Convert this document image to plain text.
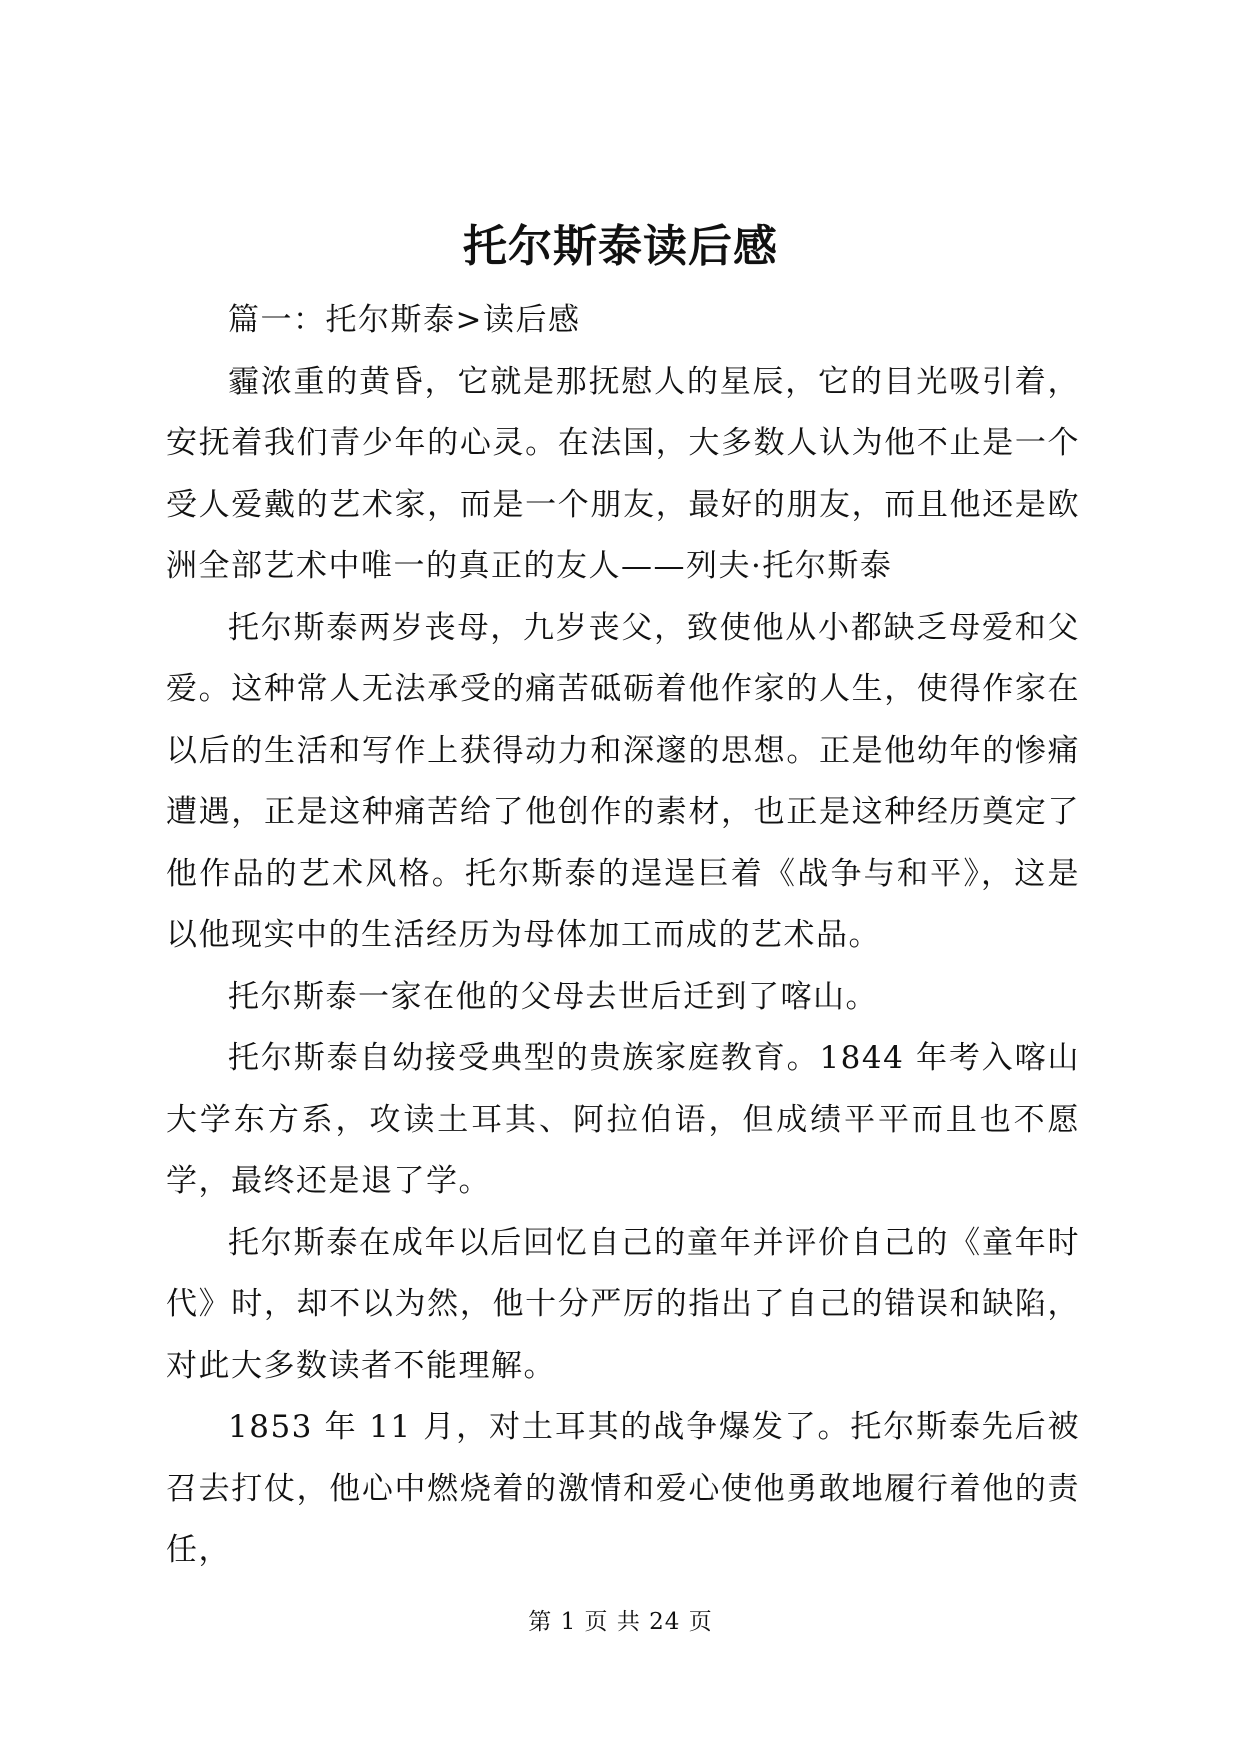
托尔斯泰读后感

篇一：托尔斯泰>读后感

霾浓重的黄昏，它就是那抚慰人的星辰，它的目光吸引着，安抚着我们青少年的心灵。在法国，大多数人认为他不止是一个受人爱戴的艺术家，而是一个朋友，最好的朋友，而且他还是欧洲全部艺术中唯一的真正的友人——列夫·托尔斯泰

托尔斯泰两岁丧母，九岁丧父，致使他从小都缺乏母爱和父爱。这种常人无法承受的痛苦砥砺着他作家的人生，使得作家在以后的生活和写作上获得动力和深邃的思想。正是他幼年的惨痛遭遇，正是这种痛苦给了他创作的素材，也正是这种经历奠定了他作品的艺术风格。托尔斯泰的逞逞巨着《战争与和平》，这是以他现实中的生活经历为母体加工而成的艺术品。

托尔斯泰一家在他的父母去世后迁到了喀山。

托尔斯泰自幼接受典型的贵族家庭教育。1844 年考入喀山大学东方系，攻读土耳其、阿拉伯语，但成绩平平而且也不愿学，最终还是退了学。

托尔斯泰在成年以后回忆自己的童年并评价自己的《童年时代》时，却不以为然，他十分严厉的指出了自己的错误和缺陷，对此大多数读者不能理解。

1853 年 11 月，对土耳其的战争爆发了。托尔斯泰先后被召去打仗，他心中燃烧着的激情和爱心使他勇敢地履行着他的责任，

第 1 页 共 24 页
